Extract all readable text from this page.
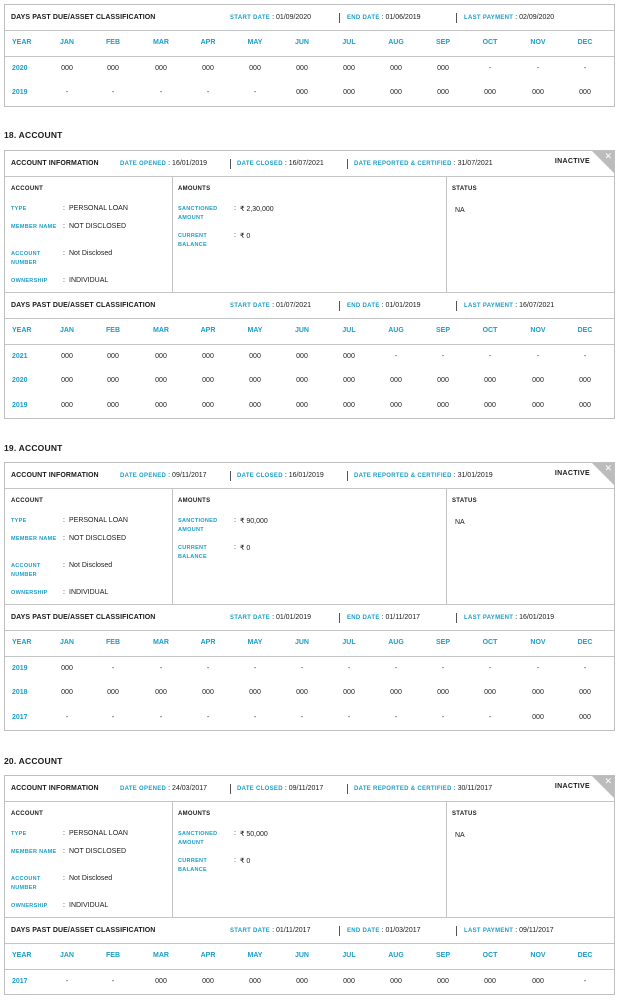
DAYS PAST DUE/ASSET CLASSIFICATION	START DATE : 01/09/2020	END DATE : 01/06/2019	LAST PAYMENT : 02/09/2020
YEAR	JAN	FEB	MAR	APR	MAY	JUN	JUL	AUG	SEP	OCT	NOV	DEC
2020	000	000	000	000	000	000	000	000	000	-	-	-
2019	-	-	-	-	-	000	000	000	000	000	000	000
18. ACCOUNT
ACCOUNT INFORMATION	DATE OPENED : 16/01/2019	DATE CLOSED : 16/07/2021	DATE REPORTED & CERTIFIED : 31/07/2021	INACTIVE
✕
ACCOUNT
TYPE	: PERSONAL LOAN
MEMBER NAME : NOT DISCLOSED
ACCOUNT NUMBER
: Not Disclosed
OWNERSHIP	: INDIVIDUAL
AMOUNTS
SANCTIONED AMOUNT
: ₹ 2,30,000
CURRENT BALANCE
: ₹ 0
STATUS
NA
DAYS PAST DUE/ASSET CLASSIFICATION	START DATE : 01/07/2021	END DATE : 01/01/2019	LAST PAYMENT : 16/07/2021
YEAR	JAN	FEB	MAR	APR	MAY	JUN	JUL	AUG	SEP	OCT	NOV	DEC
2021	000	000	000	000	000	000	000	-	-	-	-	-
2020	000	000	000	000	000	000	000	000	000	000	000	000
2019	000	000	000	000	000	000	000	000	000	000	000	000
19. ACCOUNT
ACCOUNT INFORMATION	DATE OPENED : 09/11/2017	DATE CLOSED : 16/01/2019	DATE REPORTED & CERTIFIED : 31/01/2019	INACTIVE
✕
ACCOUNT
TYPE	: PERSONAL LOAN
MEMBER NAME : NOT DISCLOSED
ACCOUNT NUMBER
: Not Disclosed
OWNERSHIP	: INDIVIDUAL
AMOUNTS
SANCTIONED AMOUNT
: ₹ 90,000
CURRENT BALANCE
: ₹ 0
STATUS
NA
DAYS PAST DUE/ASSET CLASSIFICATION	START DATE : 01/01/2019	END DATE : 01/11/2017	LAST PAYMENT : 16/01/2019
YEAR	JAN	FEB	MAR	APR	MAY	JUN	JUL	AUG	SEP	OCT	NOV	DEC
2019	000	-	-	-	-	-	-	-	-	-	-	-
2018	000	000	000	000	000	000	000	000	000	000	000	000
2017	-	-	-	-	-	-	-	-	-	-	000	000
20. ACCOUNT
ACCOUNT INFORMATION	DATE OPENED : 24/03/2017	DATE CLOSED : 09/11/2017	DATE REPORTED & CERTIFIED : 30/11/2017	INACTIVE
✕
ACCOUNT
TYPE	: PERSONAL LOAN
MEMBER NAME : NOT DISCLOSED
ACCOUNT NUMBER
: Not Disclosed
OWNERSHIP	: INDIVIDUAL
AMOUNTS
SANCTIONED AMOUNT
: ₹ 50,000
CURRENT BALANCE
: ₹ 0
STATUS
NA
DAYS PAST DUE/ASSET CLASSIFICATION	START DATE : 01/11/2017	END DATE : 01/03/2017	LAST PAYMENT : 09/11/2017
YEAR	JAN	FEB	MAR	APR	MAY	JUN	JUL	AUG	SEP	OCT	NOV	DEC
2017	-	-	000	000	000	000	000	000	000	000	000	-
